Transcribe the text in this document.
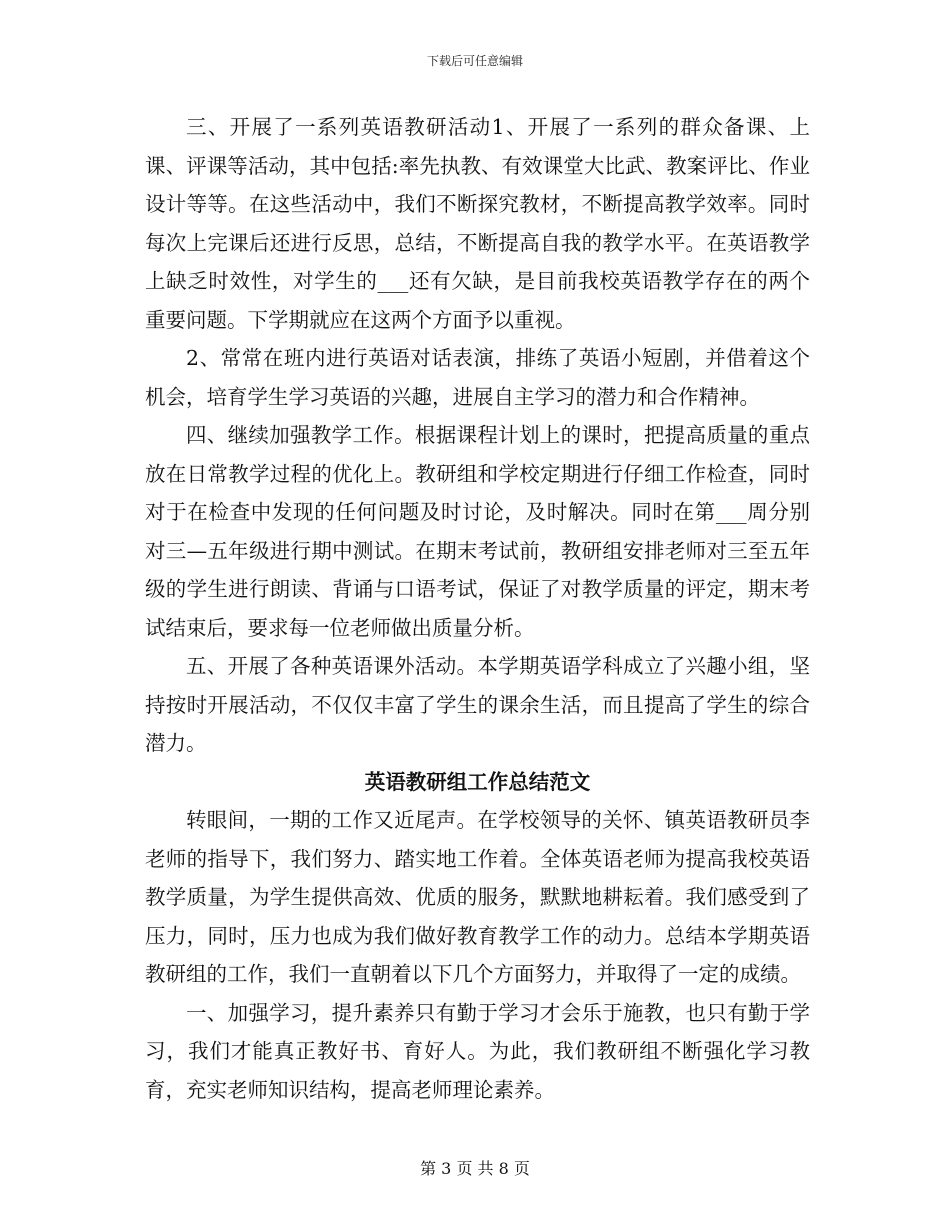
下载后可任意编辑

三、开展了一系列英语教研活动1、开展了一系列的群众备课、上课、评课等活动，其中包括:率先执教、有效课堂大比武、教案评比、作业设计等等。在这些活动中，我们不断探究教材，不断提高教学效率。同时每次上完课后还进行反思，总结，不断提高自我的教学水平。在英语教学上缺乏时效性，对学生的___还有欠缺，是目前我校英语教学存在的两个重要问题。下学期就应在这两个方面予以重视。

2、常常在班内进行英语对话表演，排练了英语小短剧，并借着这个机会，培育学生学习英语的兴趣，进展自主学习的潜力和合作精神。

四、继续加强教学工作。根据课程计划上的课时，把提高质量的重点放在日常教学过程的优化上。教研组和学校定期进行仔细工作检查，同时对于在检查中发现的任何问题及时讨论，及时解决。同时在第___周分别对三—五年级进行期中测试。在期末考试前，教研组安排老师对三至五年级的学生进行朗读、背诵与口语考试，保证了对教学质量的评定，期末考试结束后，要求每一位老师做出质量分析。

五、开展了各种英语课外活动。本学期英语学科成立了兴趣小组，坚持按时开展活动，不仅仅丰富了学生的课余生活，而且提高了学生的综合潜力。

英语教研组工作总结范文

转眼间，一期的工作又近尾声。在学校领导的关怀、镇英语教研员李老师的指导下，我们努力、踏实地工作着。全体英语老师为提高我校英语教学质量，为学生提供高效、优质的服务，默默地耕耘着。我们感受到了压力，同时，压力也成为我们做好教育教学工作的动力。总结本学期英语教研组的工作，我们一直朝着以下几个方面努力，并取得了一定的成绩。

一、加强学习，提升素养只有勤于学习才会乐于施教，也只有勤于学习，我们才能真正教好书、育好人。为此，我们教研组不断强化学习教育，充实老师知识结构，提高老师理论素养。

第 3 页 共 8 页
